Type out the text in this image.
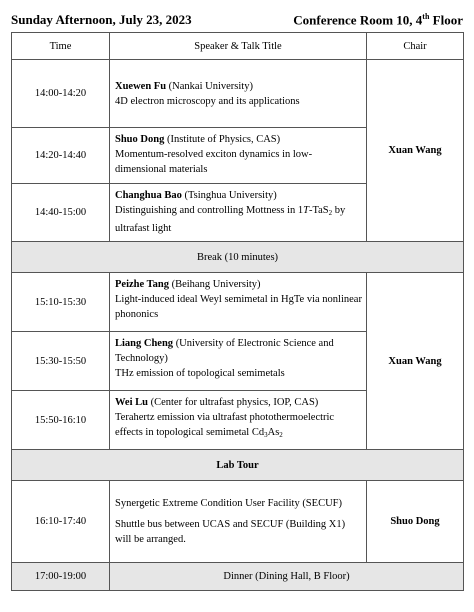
Sunday Afternoon, July 23, 2023	Conference Room 10, 4th Floor
Time	Speaker & Talk Title	Chair
14:00-14:20	Xuewen Fu (Nankai University)
4D electron microscopy and its applications	Xuan Wang
14:20-14:40	Shuo Dong (Institute of Physics, CAS)
Momentum-resolved exciton dynamics in low-dimensional materials	

14:40-15:00	Changhua Bao (Tsinghua University)
Distinguishing and controlling Mottness in 1T-TaS$_2$ by ultrafast light	

Break (10 minutes)		
15:10-15:30	Peizhe Tang (Beihang University)
Light-induced ideal Weyl semimetal in HgTe via nonlinear phononics	Xuan Wang
15:30-15:50	Liang Cheng (University of Electronic Science and Technology)
THz emission of topological semimetals	

15:50-16:10	Wei Lu (Center for ultrafast physics, IOP, CAS)
Terahertz emission via ultrafast photothermoelectric effects in topological semimetal $Cd_3As_2$

Lab Tour		
16:10-17:40	Synergetic Extreme Condition User Facility (SECUF)
Shuttle bus between UCAS and SECUF (Building X1) will be arranged.	Shuo Dong
17:00-19:00	Dinner (Dining Hall, B Floor)	
